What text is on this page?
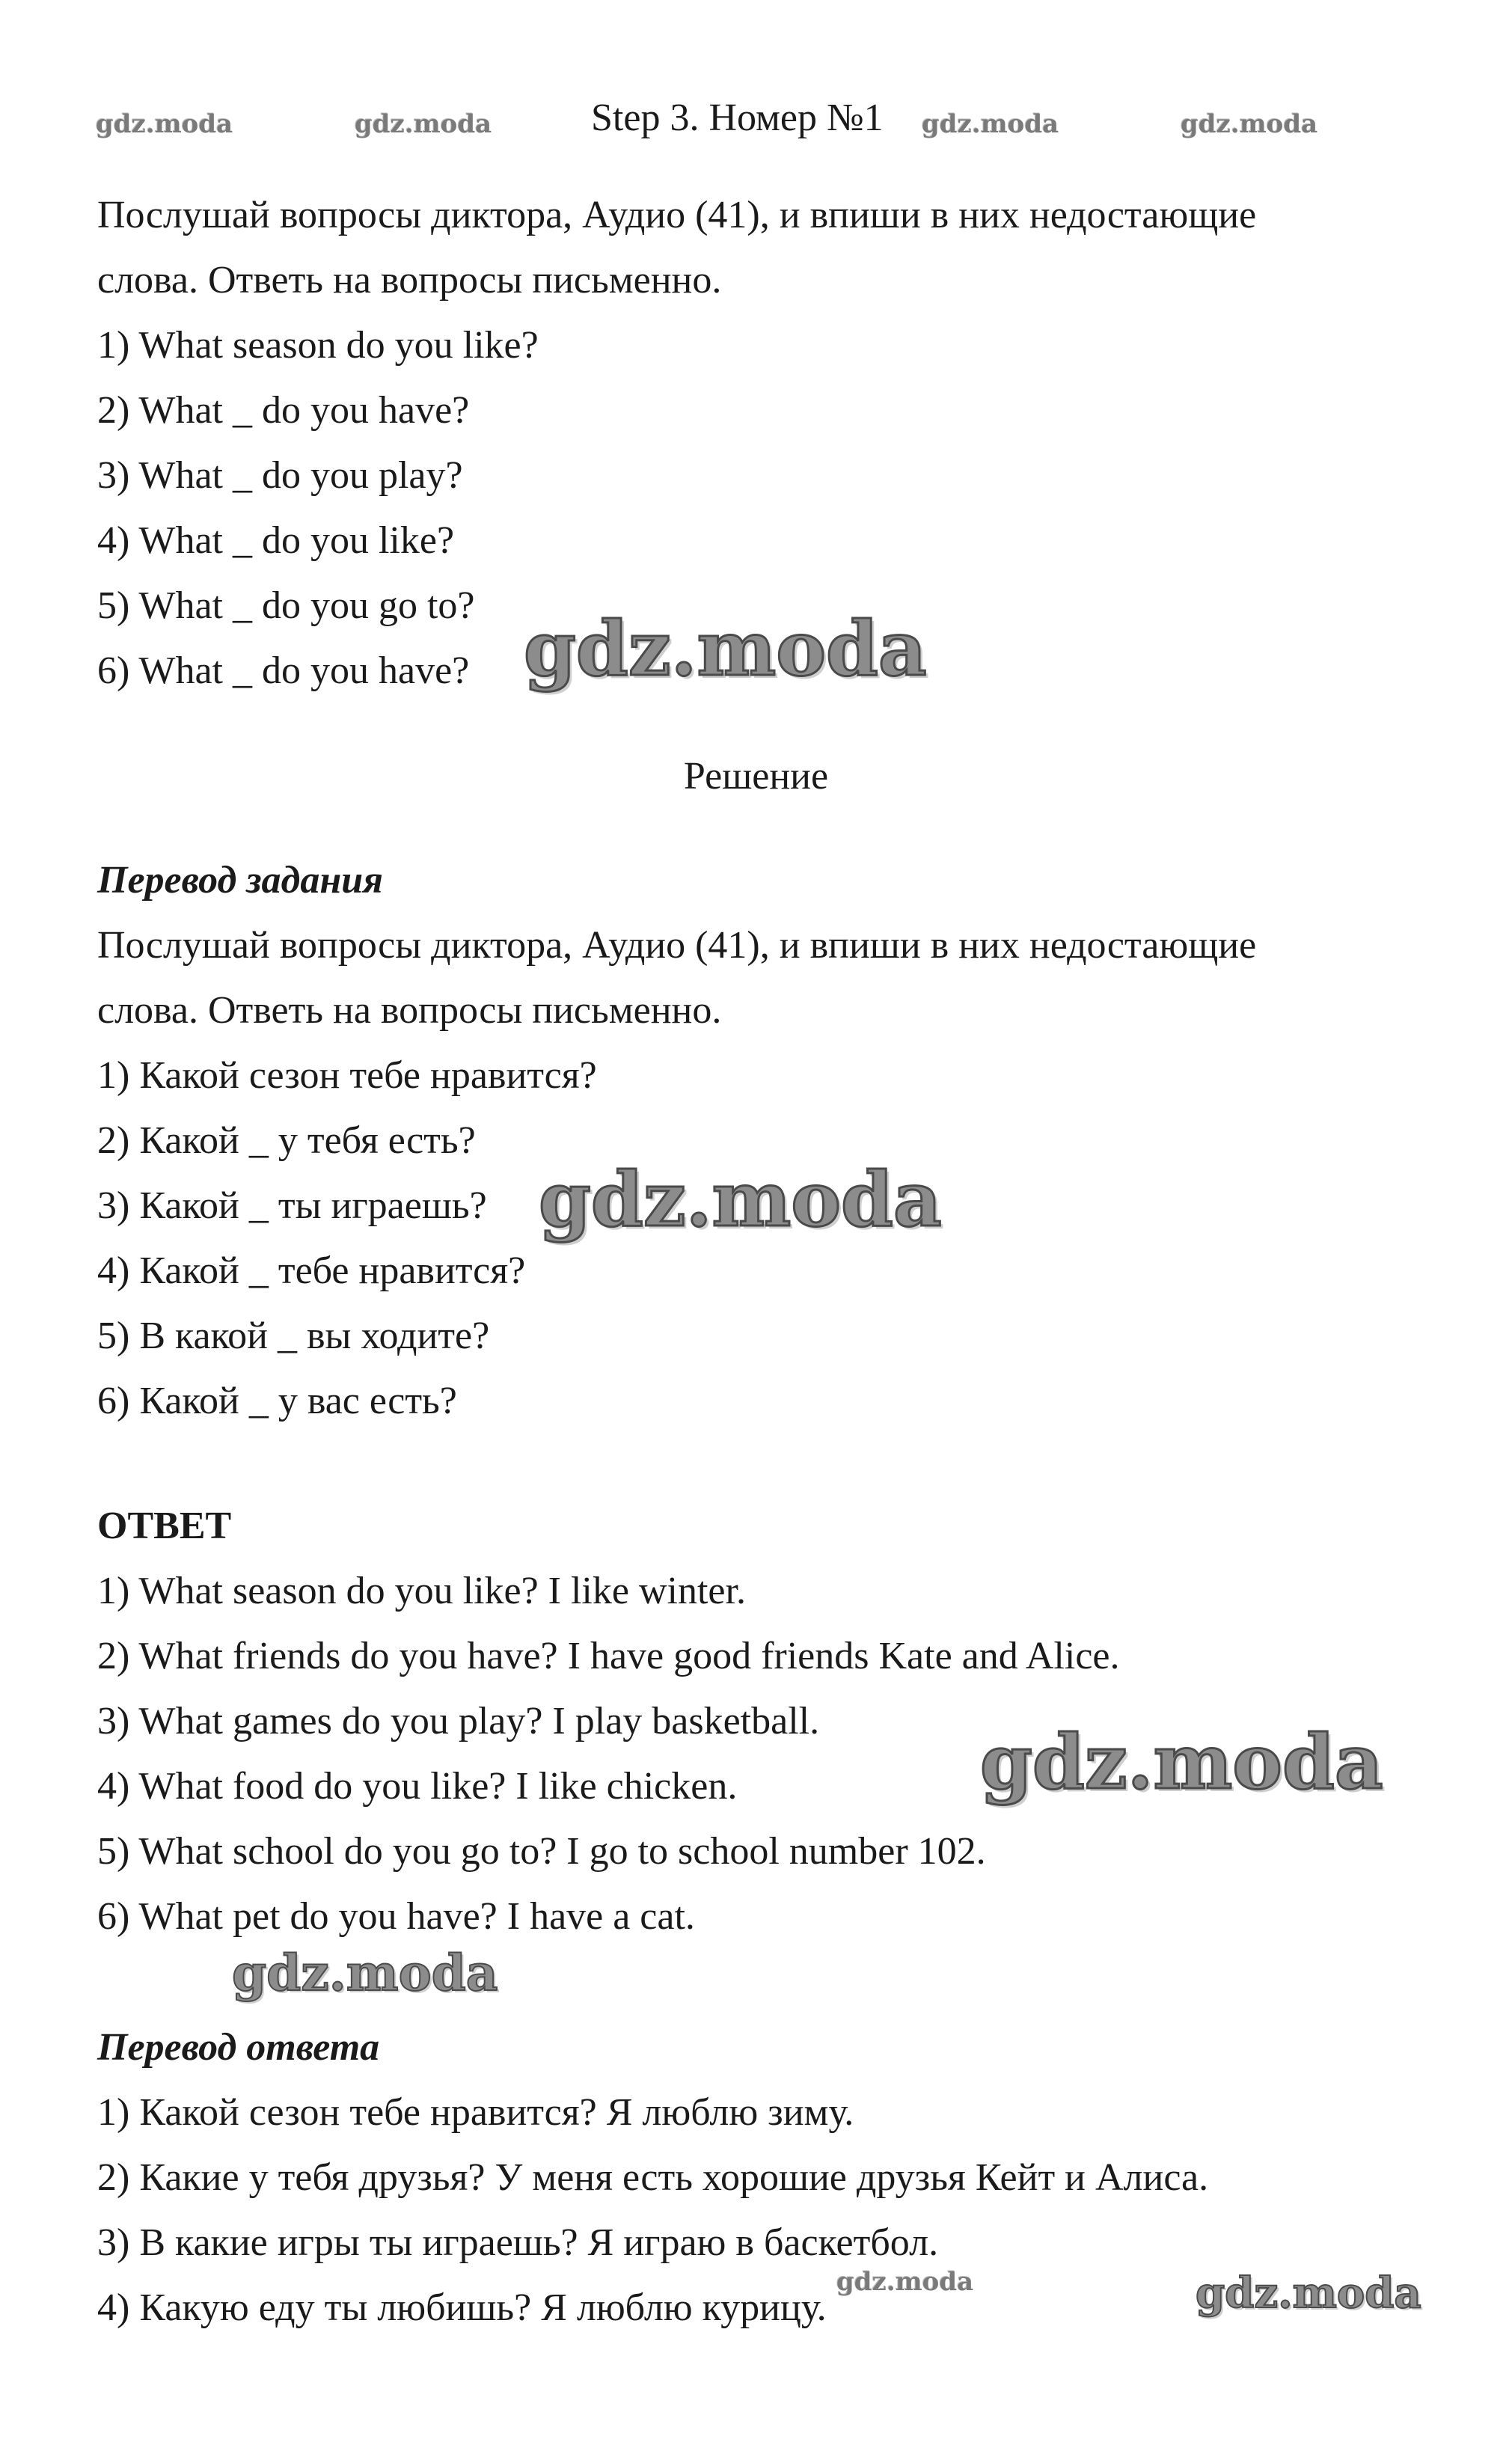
gdz.moda	gdz.moda	gdz.moda	gdz.moda
Step 3. Номер №1
Послушай вопросы диктора, Аудио (41), и впиши в них недостающие
слова. Ответь на вопросы письменно.
1) What season do you like?
2) What _ do you have?
3) What _ do you play?
4) What _ do you like?
5) What _ do you go to?
6) What _ do you have? gdz.moda
Решение
Перевод задания
Послушай вопросы диктора, Аудио (41), и впиши в них недостающие
слова. Ответь на вопросы письменно.
1) Какой сезон тебе нравится?
2) Какой _ у тебя есть?
3) Какой _ ты играешь?
4) Какой _ тебе нравится?
5) В какой _ вы ходите?
6) Какой _ у вас есть?
gdz.moda
ОТВЕТ
1) What season do you like? I like winter.
2) What friends do you have? I have good friends Kate and Alice.
3) What games do you play? I play basketball.
4) What food do you like? I like chicken.
5) What school do you go to? I go to school number 102.
6) What pet do you have? I have a cat.
gdz.moda
gdz.moda
Перевод ответа
1) Какой сезон тебе нравится? Я люблю зиму.
2) Какие у тебя друзья? У меня есть хорошие друзья Кейт и Алиса.
3) В какие игры ты играешь? Я играю в баскетбол.
4) Какую еду ты любишь? Я люблю курицу.
gdz.moda	gdz.moda
